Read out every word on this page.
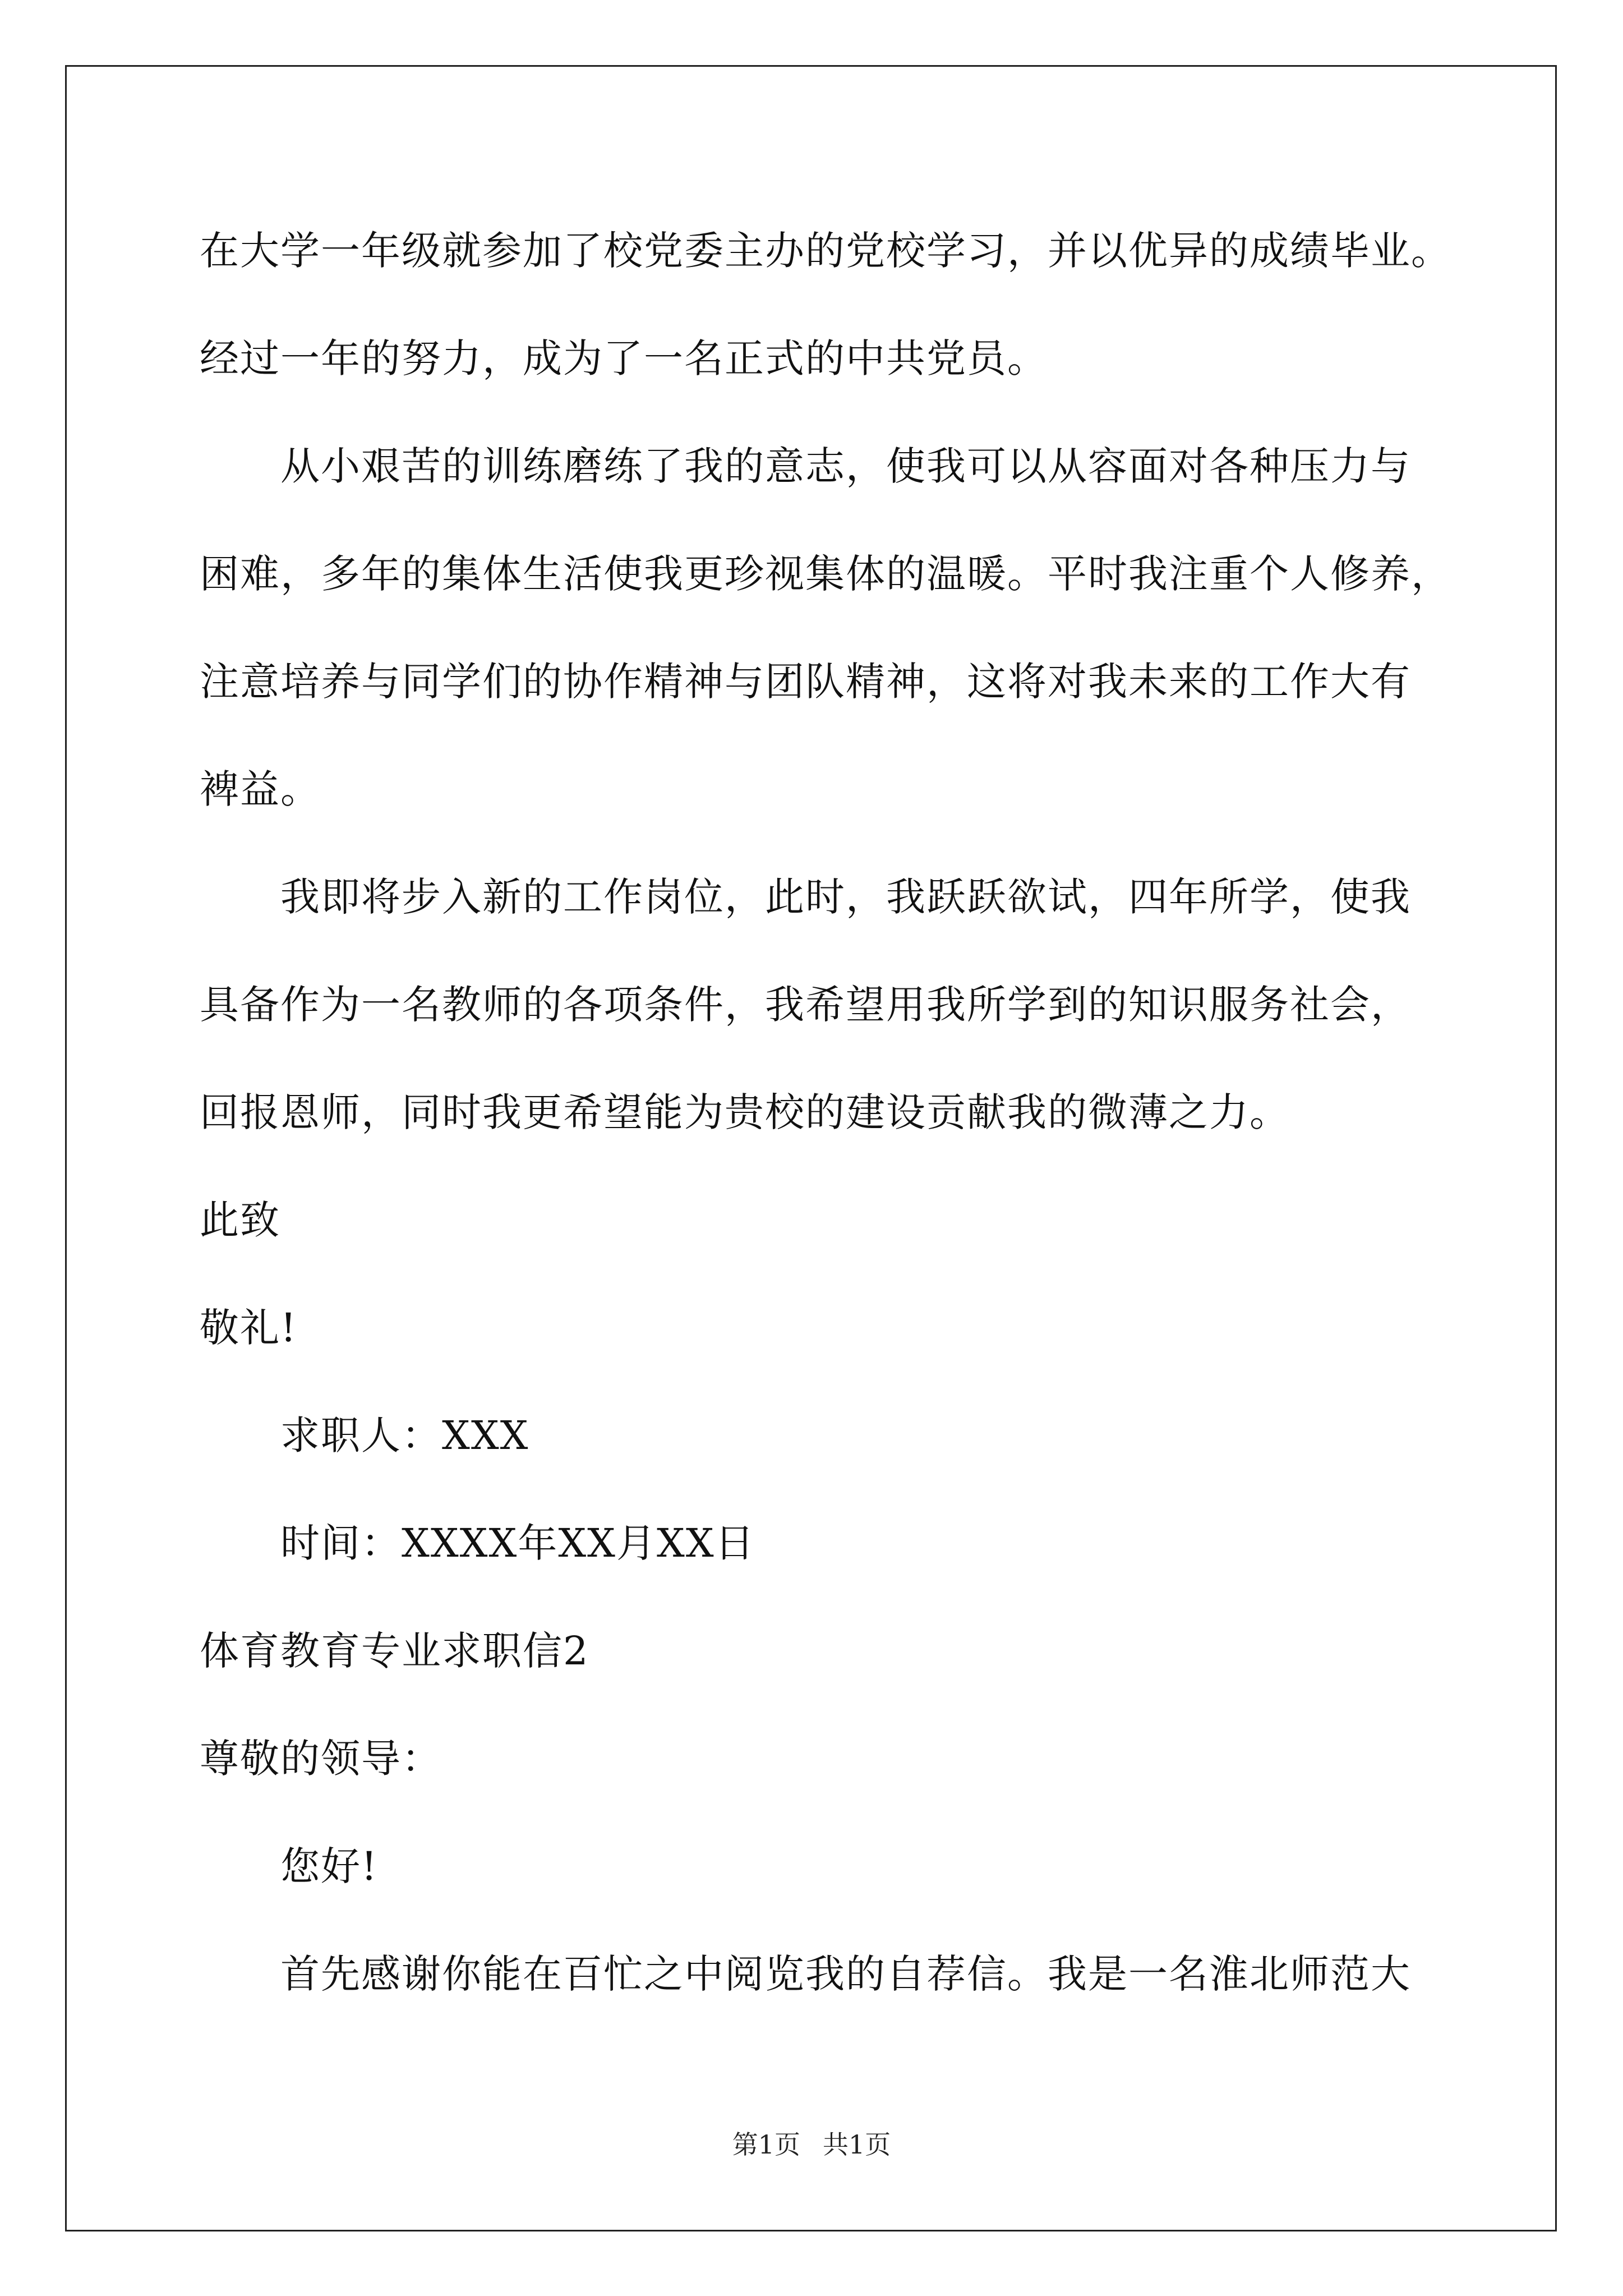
在大学一年级就参加了校党委主办的党校学习，并以优异的成绩毕业。
经过一年的努力，成为了一名正式的中共党员。
从小艰苦的训练磨练了我的意志，使我可以从容面对各种压力与
困难，多年的集体生活使我更珍视集体的温暖。平时我注重个人修养，
注意培养与同学们的协作精神与团队精神，这将对我未来的工作大有
裨益。
我即将步入新的工作岗位，此时，我跃跃欲试，四年所学，使我
具备作为一名教师的各项条件，我希望用我所学到的知识服务社会，
回报恩师，同时我更希望能为贵校的建设贡献我的微薄之力。
此致
敬礼!
求职人：XXX
时间：XXXX年XX月XX日
体育教育专业求职信2
尊敬的领导：
您好!
首先感谢你能在百忙之中阅览我的自荐信。我是一名淮北师范大
第1页 共1页
